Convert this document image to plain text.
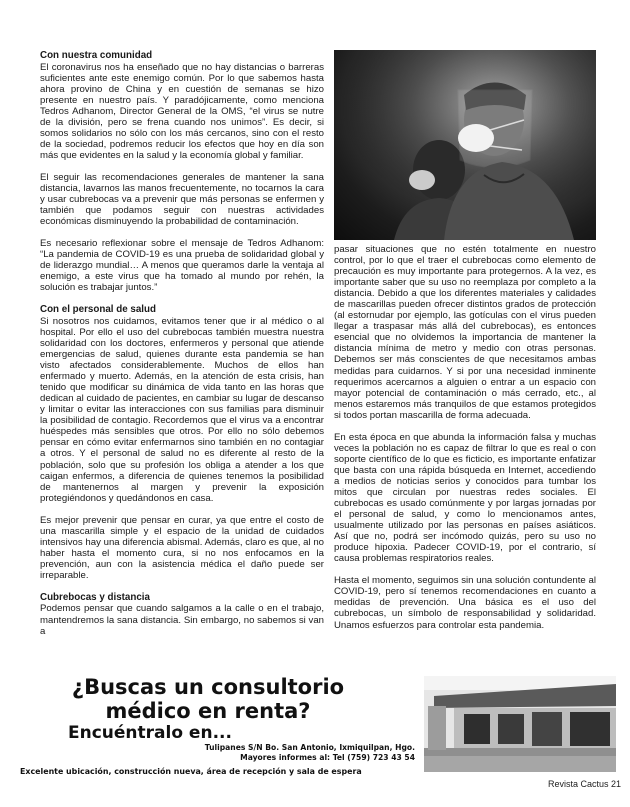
Con nuestra comunidad

El coronavirus nos ha enseñado que no hay distancias o barreras suficientes ante este enemigo común. Por lo que sabemos hasta ahora provino de China y en cuestión de semanas se hizo presente en nuestro país. Y paradójicamente, como menciona Tedros Adhanom, Director General de la OMS, “el virus se nutre de la división, pero se frena cuando nos unimos”. Es decir, si somos solidarios no sólo con los más cercanos, sino con el resto de la sociedad, podremos reducir los efectos que hoy en día son más que evidentes en la salud y la economía global y familiar.

El seguir las recomendaciones generales de mantener la sana distancia, lavarnos las manos frecuentemente, no tocarnos la cara y usar cubrebocas va a prevenir que más personas se enfermen y también que podamos seguir con nuestras actividades económicas disminuyendo la probabilidad de contaminación.

Es necesario reflexionar sobre el mensaje de Tedros Adhanom: “La pandemia de COVID-19 es una prueba de solidaridad global y de liderazgo mundial… A menos que queramos darle la ventaja al enemigo, a este virus que ha tomado al mundo por rehén, la solución es trabajar juntos.”

Con el personal de salud

Si nosotros nos cuidamos, evitamos tener que ir al médico o al hospital. Por ello el uso del cubrebocas también muestra nuestra solidaridad con los doctores, enfermeros y personal que atiende emergencias de salud, quienes durante esta pandemia se han visto afectados considerablemente. Muchos de ellos han enfermado y muerto. Además, en la atención de esta crisis, han tenido que modificar su dinámica de vida tanto en las horas que dedican al cuidado de pacientes, en cambiar su lugar de descanso y limitar o evitar las interacciones con sus familias para disminuir la posibilidad de contagio. Recordemos que el virus va a encontrar huéspedes más sensibles que otros. Por ello no sólo debemos pensar en cómo evitar enfermarnos sino también en no contagiar a otros. Y el personal de salud no es diferente al resto de la población, solo que su profesión los obliga a atender a los que caigan enfermos, a diferencia de quienes tenemos la posibilidad de mantenernos al margen y prevenir la exposición protegiéndonos y quedándonos en casa.

Es mejor prevenir que pensar en curar, ya que entre el costo de una mascarilla simple y el espacio de la unidad de cuidados intensivos hay una diferencia abismal. Además, claro es que, al no haber hasta el momento cura, si no nos enfocamos en la prevención, aun con la asistencia médica el daño puede ser irreparable.

Cubrebocas y distancia

Podemos pensar que cuando salgamos a la calle o en el trabajo, mantendremos la sana distancia. Sin embargo, no sabemos si van a

pasar situaciones que no estén totalmente en nuestro control, por lo que el traer el cubrebocas como elemento de precaución es muy importante para protegernos. A la vez, es importante saber que su uso no reemplaza por completo a la distancia. Debido a que los diferentes materiales y calidades de mascarillas pueden ofrecer distintos grados de protección (al estornudar por ejemplo, las gotículas con el virus pueden llegar a traspasar más allá del cubrebocas), es entonces esencial que no olvidemos la importancia de mantener la distancia mínima de metro y medio con otras personas. Debemos ser más conscientes de que necesitamos ambas medidas para cuidarnos. Y si por una necesidad inminente requerimos acercarnos a alguien o entrar a un espacio con mayor potencial de contaminación o más cerrado, etc., al menos estaremos más tranquilos de que estamos protegidos si todos portan mascarilla de forma adecuada.

En esta época en que abunda la información falsa y muchas veces la población no es capaz de filtrar lo que es real o con soporte científico de lo que es ficticio, es importante enfatizar que basta con una rápida búsqueda en Internet, accediendo a medios de noticias serios y conocidos para tumbar los mitos que circulan por nuestras redes sociales. El cubrebocas es usado comúnmente y por largas jornadas por el personal de salud, y como lo mencionamos antes, usualmente utilizado por las personas en países asiáticos. Así que no, podrá ser incómodo quizás, pero su uso no produce hipoxia. Padecer COVID-19, por el contrario, sí causa problemas respiratorios reales.

Hasta el momento, seguimos sin una solución contundente al COVID-19, pero sí tenemos recomendaciones en cuanto a medidas de prevención. Una básica es el uso del cubrebocas, un símbolo de responsabilidad y solidaridad. Unamos esfuerzos para controlar esta pandemia.

¿Buscas un consultorio
médico en renta?

Encuéntralo en...

Tulipanes S/N Bo. San Antonio, Ixmiquilpan, Hgo.
Mayores informes al: Tel (759) 723 43 54
Excelente ubicación, construcción nueva, área de recepción y sala de espera
Revista Cactus 21
